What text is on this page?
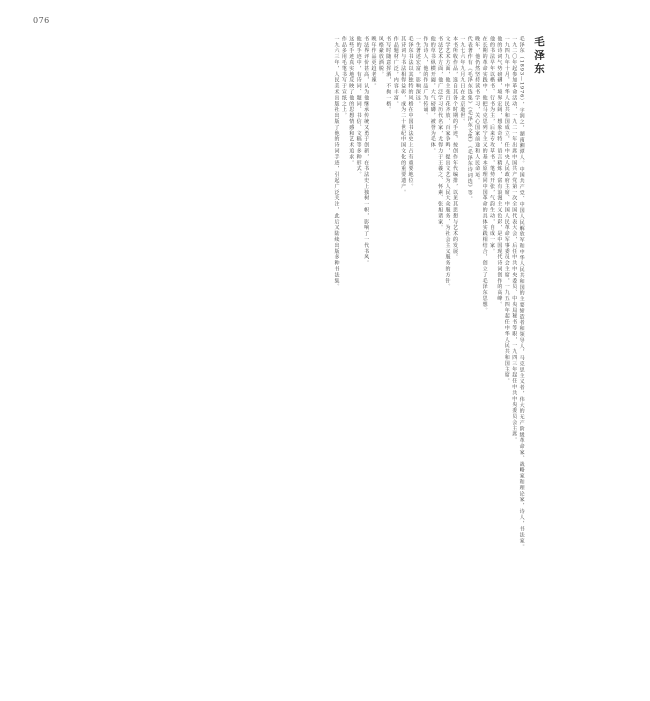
076
毛泽东

毛泽东（1893—1976），字润之，湖南湘潭人。中国共产党、中国人民解放军和中华人民共和国的主要缔造者和领导人，马克思主义者，伟大的无产阶级革命家、战略家和理论家，诗人，书法家。

一九二〇年起参加革命活动，一九二一年出席中国共产党第一次全国代表大会，后任中共中央委员、中央局秘书等职，一九四三年起任中共中央委员会主席。

一九四九年十月，中华人民共和国成立，任中央人民政府主席、中国人民革命军事委员会主席，一九五四年起任中华人民共和国主席。

他的诗词气势磅礴，境界宏阔，想象奇特，语言精炼，富有浪漫主义色彩，是中国现代诗词创作的高峰。

他的书法早年以楷书、行书为主，后来专攻草书，笔势开张，气韵生动，自成一家。

在长期的革命实践中，他把马克思列宁主义的基本原理同中国革命的具体实践相结合，创立了毛泽东思想。

晚年，他仍然坚持读书学习，关心国家前途和人民命运。

代表著作有《毛泽东选集》《毛泽东文集》《毛泽东诗词选》等。

一九七六年九月九日在北京逝世。

本书所收作品，选自其各个时期的手迹，按创作年代编排，以见其思想与艺术的发展。

文学艺术方面，他主张百花齐放、百家争鸣，提出文艺为人民大众服务、为社会主义服务的方针。

书法艺术方面，他广泛学习历代名家，尤得力于王羲之、怀素、张旭诸家。

他的草书纵横开阖，大气磅礴，被誉为毛体。

作为诗人，他的作品广为传诵。

一生著述宏富，影响深远。

毛泽东书法以其独特的风格在中国书法史上占有重要地位。

其诗词与书法相得益彰，成为二十世纪中国文化的重要遗产。

作品题材广泛，内容丰富。

书写时随意挥洒，不拘一格。

风格豪放洒脱。

晚年作品更趋老辣。

书法界评价甚高，认为他继承传统又勇于创新，在书法史上独树一帜，影响了一代书风。

他的手迹中，有诗词、题词、书信、文稿等多种形式。

这些手迹真实地反映了他的思想情感和艺术追求。

作品多用毛笔书写于宣纸之上。

一九六三年，人民美术出版社出版了他的诗词手迹，引起广泛关注，此后又陆续出版多种书法集。
